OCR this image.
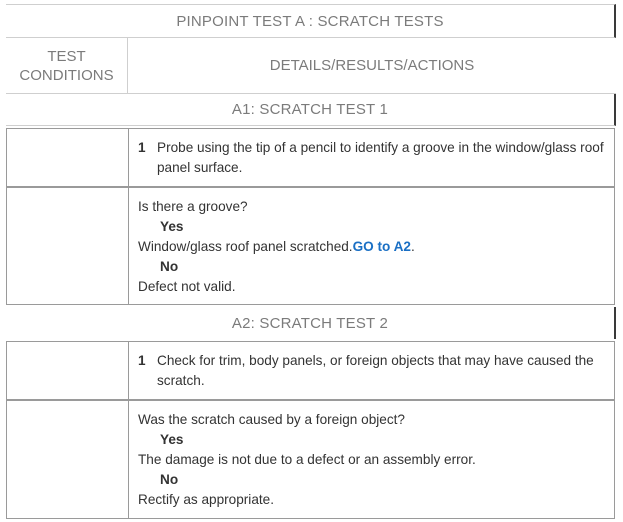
PINPOINT TEST A : SCRATCH TESTS
TEST
CONDITIONS
DETAILS/RESULTS/ACTIONS
A1: SCRATCH TEST 1
1 Probe using the tip of a pencil to identify a groove in the window/glass roof panel surface.
Is there a groove?
Yes
Window/glass roof panel scratched.GO to A2.
No
Defect not valid.
A2: SCRATCH TEST 2
1 Check for trim, body panels, or foreign objects that may have caused the scratch.
Was the scratch caused by a foreign object?
Yes
The damage is not due to a defect or an assembly error.
No
Rectify as appropriate.
